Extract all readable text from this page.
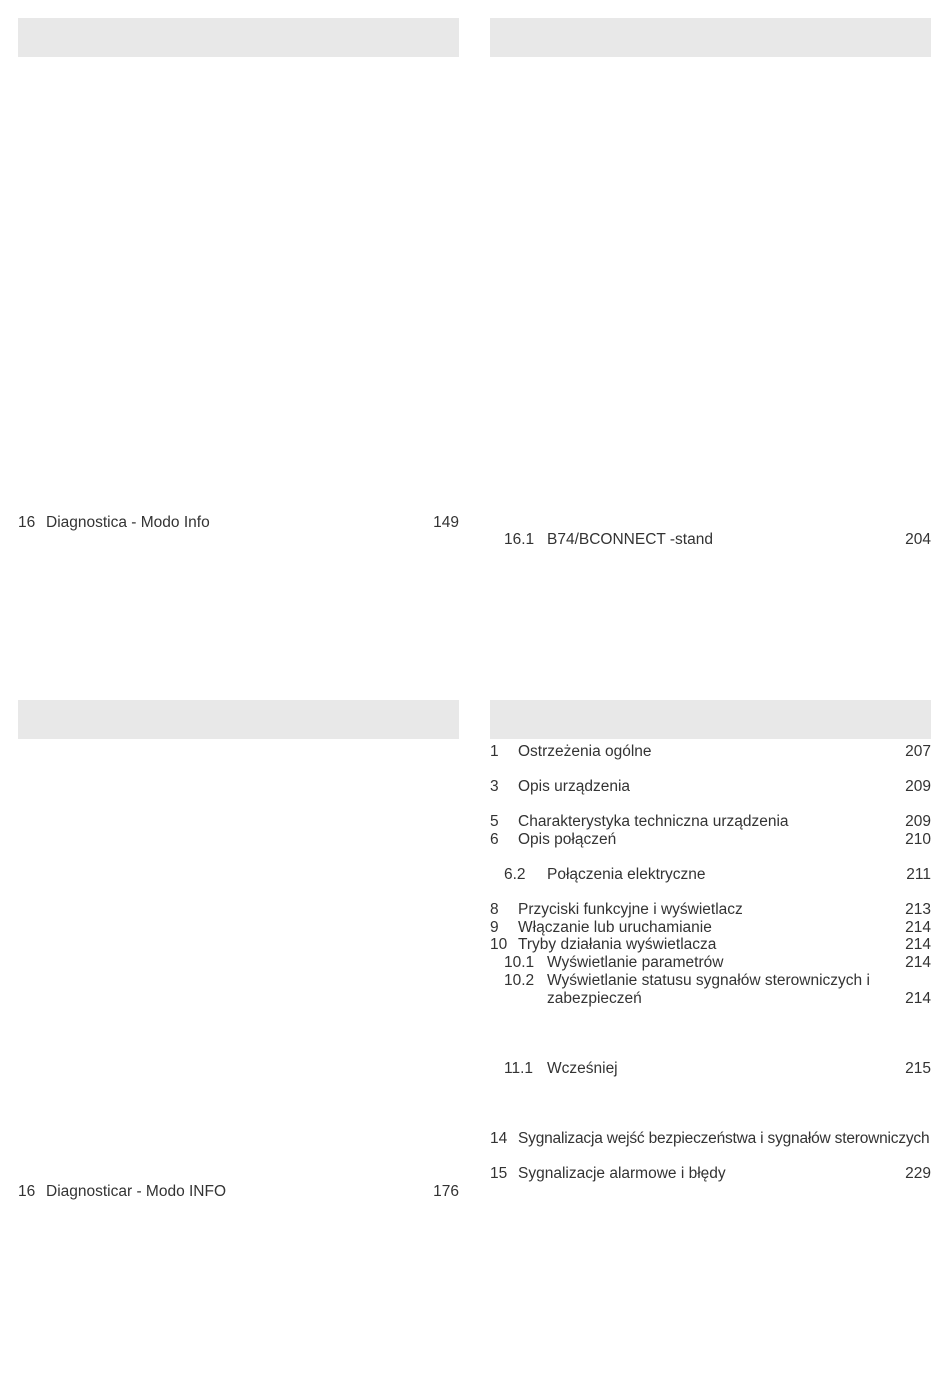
16 Diagnostica - Modo Info	149
16.1 B74/BCONNECT -stand	204
16 Diagnosticar - Modo INFO	176
1 Ostrzeżenia ogólne	207
3 Opis urządzenia	209
5 Charakterystyka techniczna urządzenia	209
6 Opis połączeń	210
6.2 Połączenia elektryczne	211
8 Przyciski funkcyjne i wyświetlacz	213
9 Włączanie lub uruchamianie	214
10 Tryby działania wyświetlacza	214
10.1 Wyświetlanie parametrów	214
10.2 Wyświetlanie statusu sygnałów sterowniczych i zabezpieczeń	214
11.1 Wcześniej	215
14 Sygnalizacja wejść bezpieczeństwa i sygnałów sterowniczych
15 Sygnalizacje alarmowe i błędy	229
